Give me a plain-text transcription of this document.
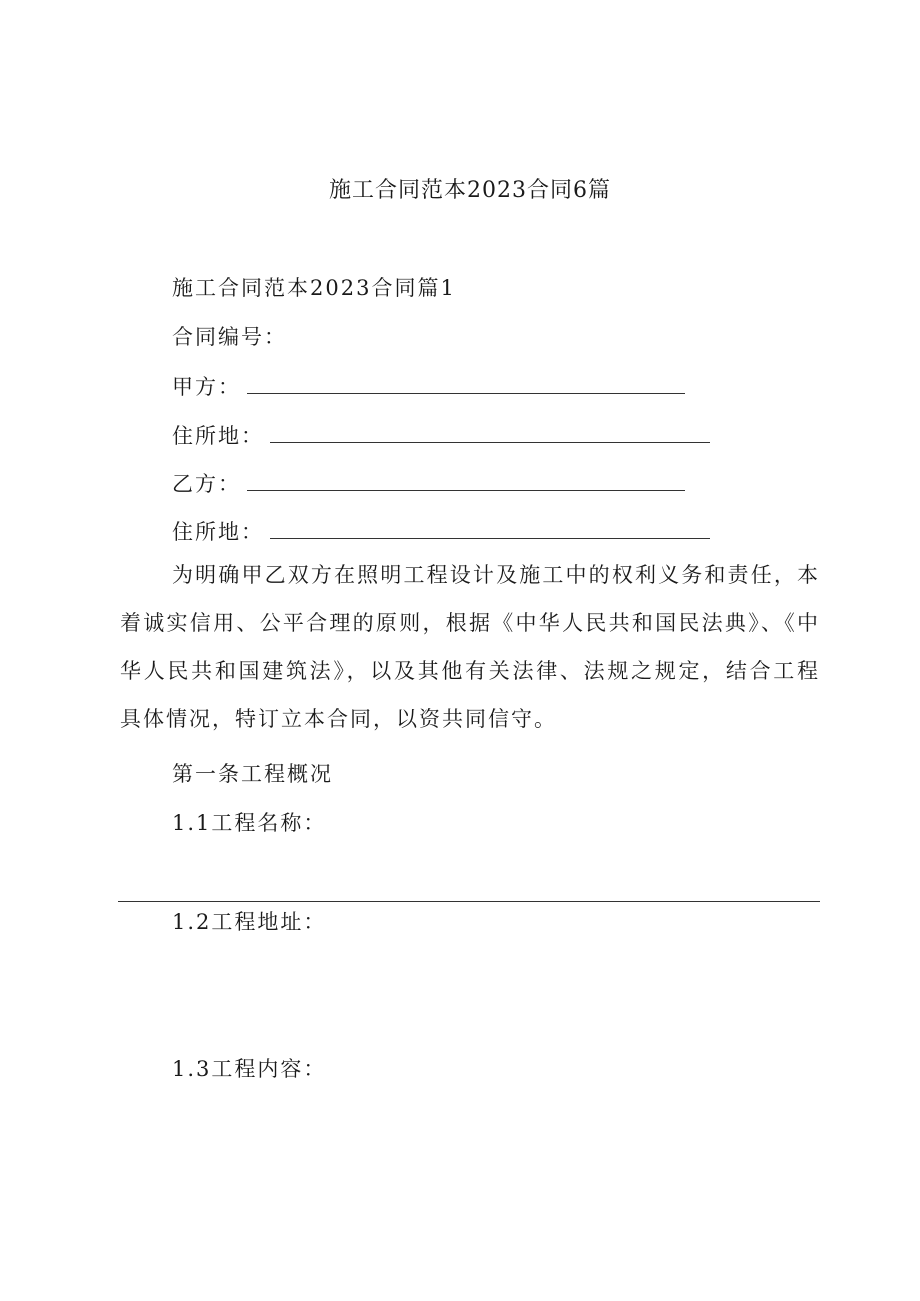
施工合同范本2023合同6篇
施工合同范本2023合同篇1
合同编号：
甲方：
住所地：
乙方：
住所地：
为明确甲乙双方在照明工程设计及施工中的权利义务和责任，本着诚实信用、公平合理的原则，根据《中华人民共和国民法典》、《中华人民共和国建筑法》，以及其他有关法律、法规之规定，结合工程具体情况，特订立本合同，以资共同信守。
第一条工程概况
1.1工程名称：
1.2工程地址：
1.3工程内容：
